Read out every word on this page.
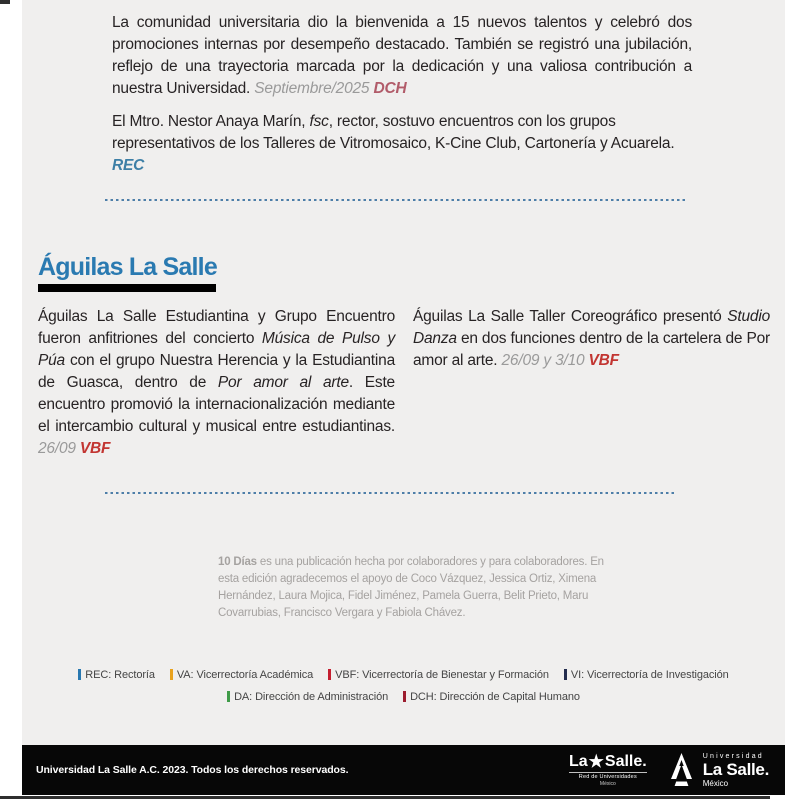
La comunidad universitaria dio la bienvenida a 15 nuevos talentos y celebró dos promociones internas por desempeño destacado. También se registró una jubilación, reflejo de una trayectoria marcada por la dedicación y una valiosa contribución a nuestra Universidad. Septiembre/2025 DCH

El Mtro. Nestor Anaya Marín, fsc, rector, sostuvo encuentros con los grupos representativos de los Talleres de Vitromosaico, K-Cine Club, Cartonería y Acuarela. REC

Águilas La Salle
Águilas La Salle Estudiantina y Grupo Encuentro fueron anfitriones del concierto Música de Pulso y Púa con el grupo Nuestra Herencia y la Estudiantina de Guasca, dentro de Por amor al arte. Este encuentro promovió la internacionalización mediante el intercambio cultural y musical entre estudiantinas. 26/09 VBF
Águilas La Salle Taller Coreográfico presentó Studio Danza en dos funciones dentro de la cartelera de Por amor al arte. 26/09 y 3/10 VBF
10 Días es una publicación hecha por colaboradores y para colaboradores. En esta edición agradecemos el apoyo de Coco Vázquez, Jessica Ortiz, Ximena Hernández, Laura Mojica, Fidel Jiménez, Pamela Guerra, Belit Prieto, Maru Covarrubias, Francisco Vergara y Fabiola Chávez.
REC: Rectoría VA: Vicerrectoría Académica VBF: Vicerrectoría de Bienestar y Formación VI: Vicerrectoría de Investigación
DA: Dirección de Administración DCH: Dirección de Capital Humano
Universidad La Salle A.C. 2023. Todos los derechos reservados.
La★Salle.
Red de Universidades
México
Universidad
La Salle.
México
